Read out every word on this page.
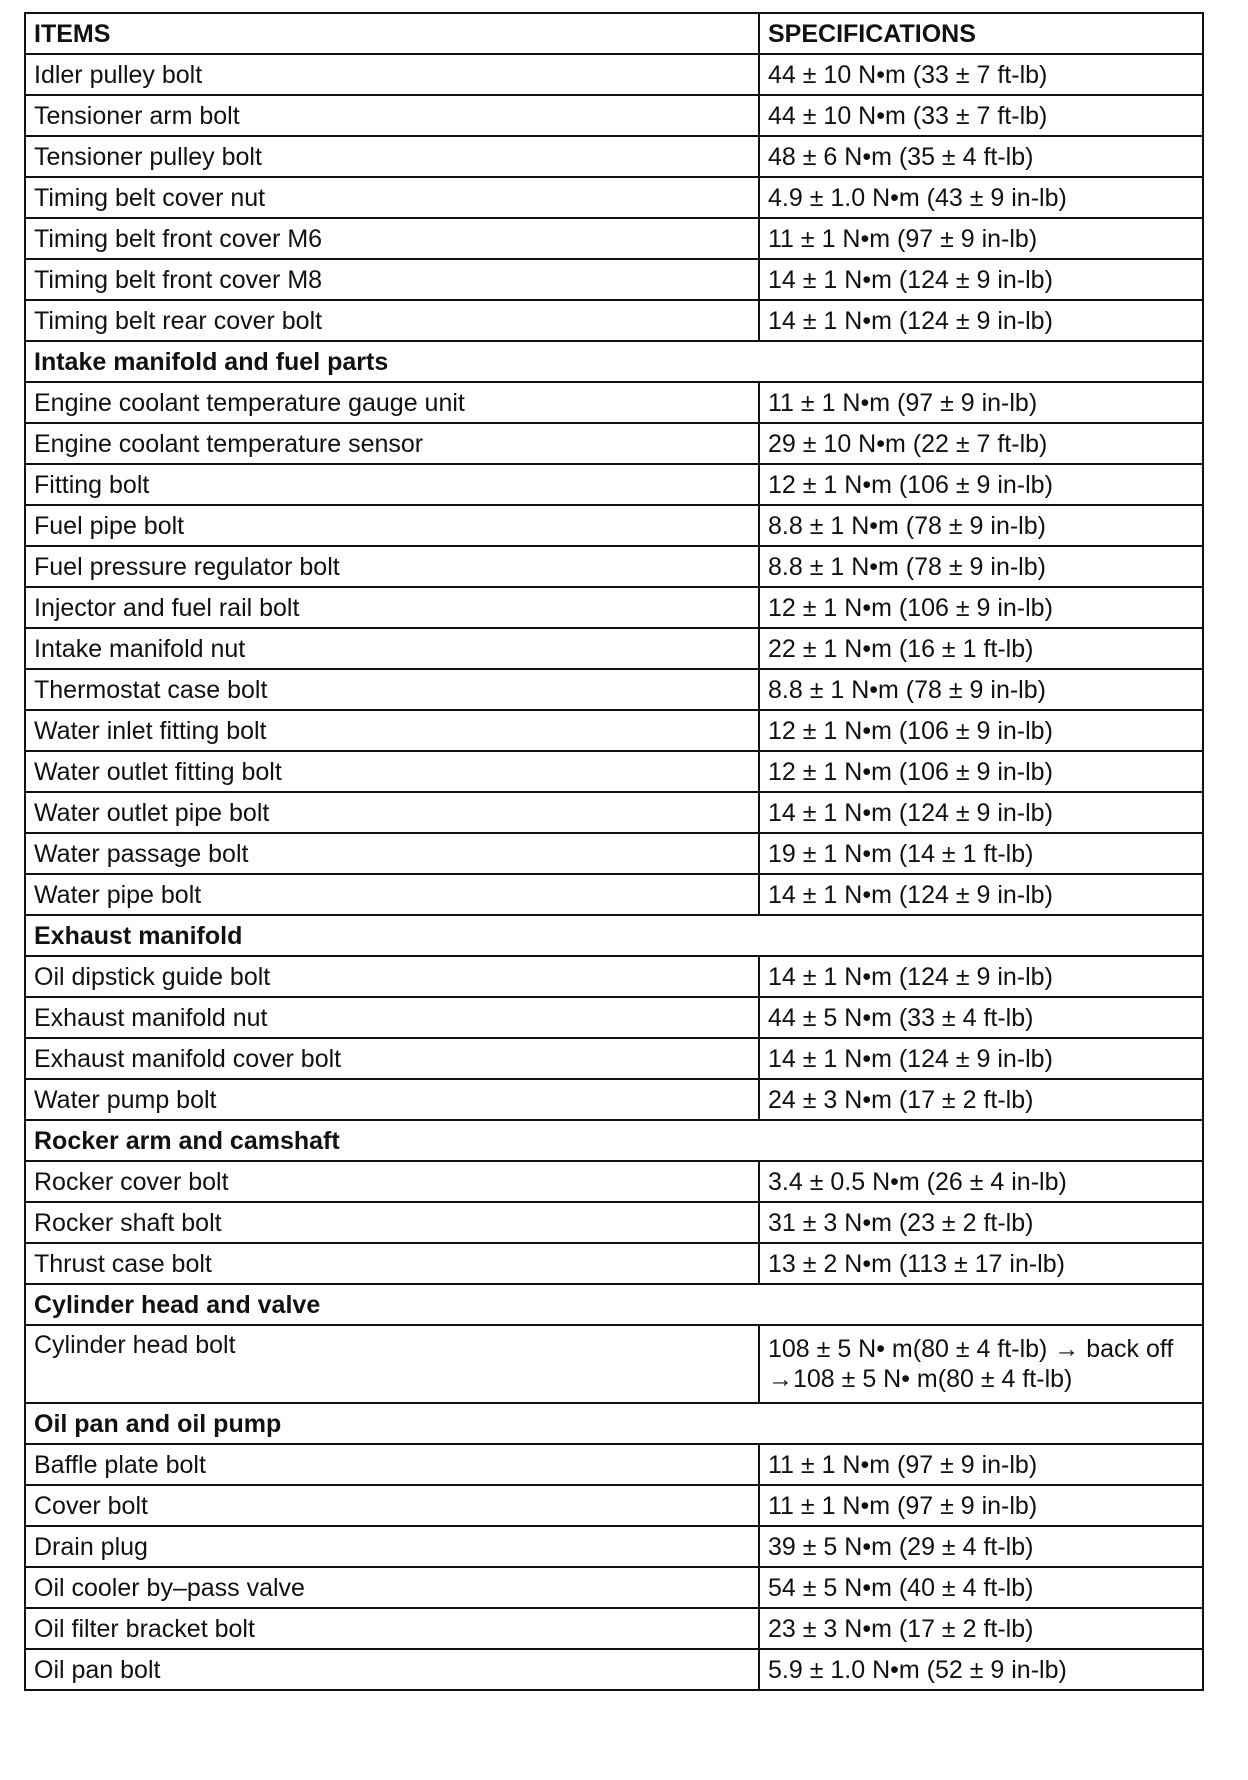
ITEMS	SPECIFICATIONS
Idler pulley bolt	44 ± 10 N•m (33 ± 7 ft-lb)
Tensioner arm bolt	44 ± 10 N•m (33 ± 7 ft-lb)
Tensioner pulley bolt	48 ± 6 N•m (35 ± 4 ft-lb)
Timing belt cover nut	4.9 ± 1.0 N•m (43 ± 9 in-lb)
Timing belt front cover M6	11 ± 1 N•m (97 ± 9 in-lb)
Timing belt front cover M8	14 ± 1 N•m (124 ± 9 in-lb)
Timing belt rear cover bolt	14 ± 1 N•m (124 ± 9 in-lb)
Intake manifold and fuel parts	
Engine coolant temperature gauge unit	11 ± 1 N•m (97 ± 9 in-lb)
Engine coolant temperature sensor	29 ± 10 N•m (22 ± 7 ft-lb)
Fitting bolt	12 ± 1 N•m (106 ± 9 in-lb)
Fuel pipe bolt	8.8 ± 1 N•m (78 ± 9 in-lb)
Fuel pressure regulator bolt	8.8 ± 1 N•m (78 ± 9 in-lb)
Injector and fuel rail bolt	12 ± 1 N•m (106 ± 9 in-lb)
Intake manifold nut	22 ± 1 N•m (16 ± 1 ft-lb)
Thermostat case bolt	8.8 ± 1 N•m (78 ± 9 in-lb)
Water inlet fitting bolt	12 ± 1 N•m (106 ± 9 in-lb)
Water outlet fitting bolt	12 ± 1 N•m (106 ± 9 in-lb)
Water outlet pipe bolt	14 ± 1 N•m (124 ± 9 in-lb)
Water passage bolt	19 ± 1 N•m (14 ± 1 ft-lb)
Water pipe bolt	14 ± 1 N•m (124 ± 9 in-lb)
Exhaust manifold	
Oil dipstick guide bolt	14 ± 1 N•m (124 ± 9 in-lb)
Exhaust manifold nut	44 ± 5 N•m (33 ± 4 ft-lb)
Exhaust manifold cover bolt	14 ± 1 N•m (124 ± 9 in-lb)
Water pump bolt	24 ± 3 N•m (17 ± 2 ft-lb)
Rocker arm and camshaft	
Rocker cover bolt	3.4 ± 0.5 N•m (26 ± 4 in-lb)
Rocker shaft bolt	31 ± 3 N•m (23 ± 2 ft-lb)
Thrust case bolt	13 ± 2 N•m (113 ± 17 in-lb)
Cylinder head and valve	
Cylinder head bolt	108 ± 5 N• m(80 ± 4 ft-lb) → back off →108 ± 5 N• m(80 ± 4 ft-lb)
Oil pan and oil pump	
Baffle plate bolt	11 ± 1 N•m (97 ± 9 in-lb)
Cover bolt	11 ± 1 N•m (97 ± 9 in-lb)
Drain plug	39 ± 5 N•m (29 ± 4 ft-lb)
Oil cooler by–pass valve	54 ± 5 N•m (40 ± 4 ft-lb)
Oil filter bracket bolt	23 ± 3 N•m (17 ± 2 ft-lb)
Oil pan bolt	5.9 ± 1.0 N•m (52 ± 9 in-lb)
